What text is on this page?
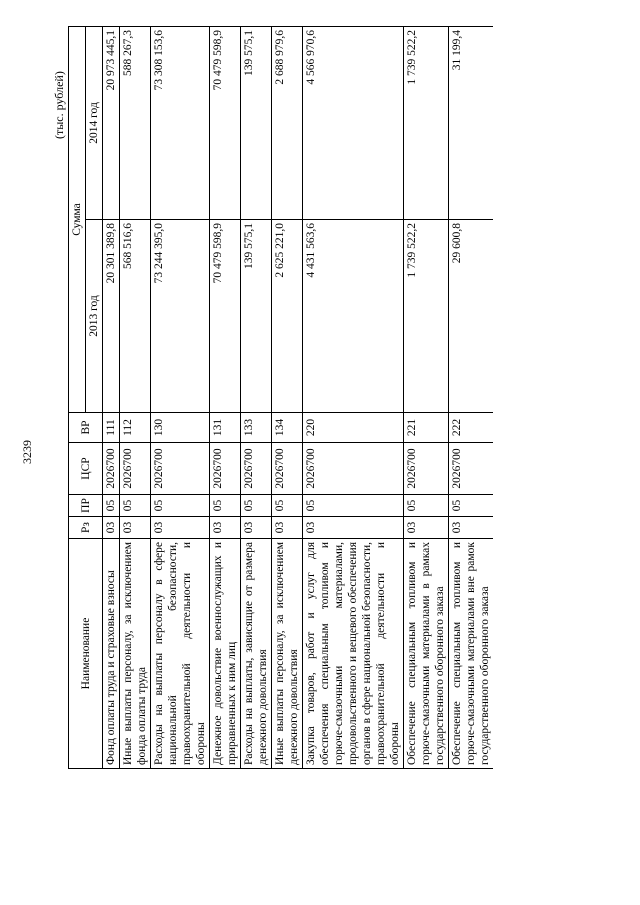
3239
(тыс. рублей)
Наименование	Рз	ПР	ЦСР	ВР	Сумма	
					2013 год	2014 год
Фонд оплаты труда и страховые взносы	03	05	2026700	111	20 301 389,8	20 973 445,1
Иные выплаты персоналу, за исключением фонда оплаты труда	03	05	2026700	112	568 516,6	588 267,3
Расходы на выплаты персоналу в сфере национальной безопасности, правоохранительной деятельности и обороны	03	05	2026700	130	73 244 395,0	73 308 153,6
Денежное довольствие военнослужащих и приравненных к ним лиц	03	05	2026700	131	70 479 598,9	70 479 598,9
Расходы на выплаты, зависящие от размера денежного довольствия	03	05	2026700	133	139 575,1	139 575,1
Иные выплаты персоналу, за исключением денежного довольствия	03	05	2026700	134	2 625 221,0	2 688 979,6
Закупка товаров, работ и услуг для обеспечения специальным топливом и горюче-смазочными материалами, продовольственного и вещевого обеспечения органов в сфере национальной безопасности, правоохранительной деятельности и обороны	03	05	2026700	220	4 431 563,6	4 566 970,6
Обеспечение специальным топливом и горюче-смазочными материалами в рамках государственного оборонного заказа	03	05	2026700	221	1 739 522,2	1 739 522,2
Обеспечение специальным топливом и горюче-смазочными материалами вне рамок государственного оборонного заказа	03	05	2026700	222	29 600,8	31 199,4
